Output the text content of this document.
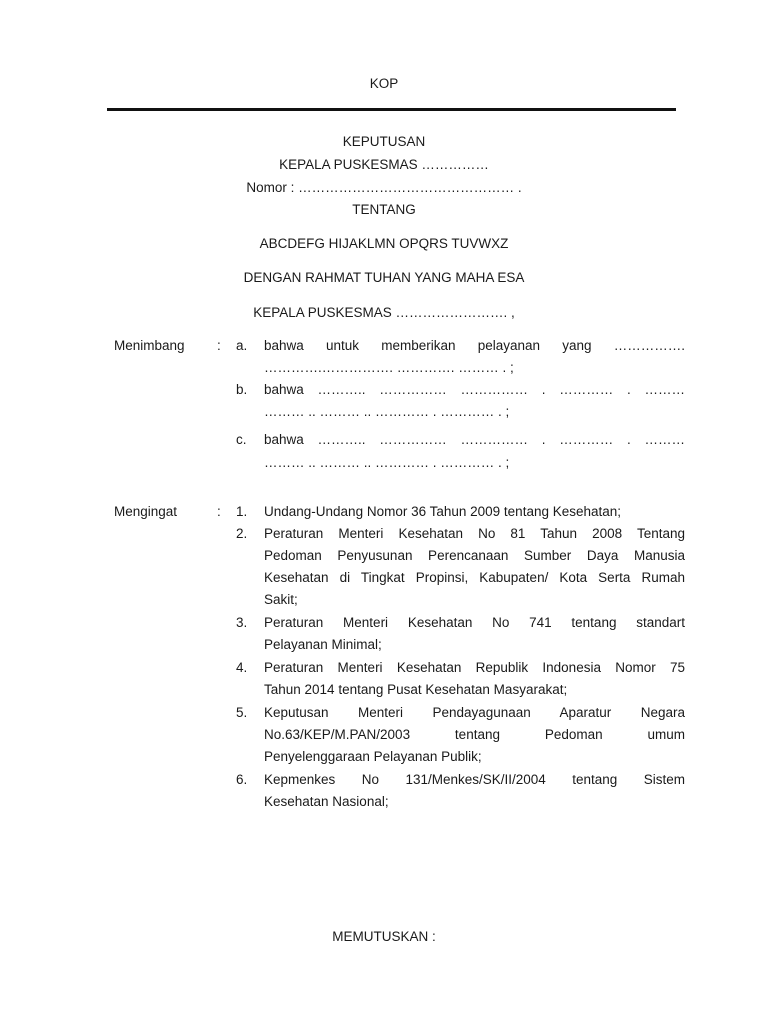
KOP
KEPUTUSAN
KEPALA PUSKESMAS ……………
Nomor : ………………………………………… .
TENTANG
ABCDEFG HIJAKLMN OPQRS TUVWXZ
DENGAN RAHMAT TUHAN YANG MAHA ESA
KEPALA PUSKESMAS ……………………. ,
Menimbang : a. bahwa untuk memberikan pelayanan yang …………….
………….……………. …………. ……… . ;
b. bahwa ……….. …………… …………… . ………… . ………
……… .. ……… .. ………… . ………… . ;
c. bahwa ……….. …………… …………… . ………… . ………
……… .. ……… .. ………… . ………… . ;
Mengingat	: 1. Undang-Undang Nomor 36 Tahun 2009 tentang Kesehatan;
2. Peraturan Menteri Kesehatan No 81 Tahun 2008 Tentang
Pedoman Penyusunan Perencanaan Sumber Daya Manusia
Kesehatan di Tingkat Propinsi, Kabupaten/ Kota Serta Rumah
Sakit;
3. Peraturan Menteri Kesehatan No 741 tentang standart
Pelayanan Minimal;
4. Peraturan Menteri Kesehatan Republik Indonesia Nomor 75
Tahun 2014 tentang Pusat Kesehatan Masyarakat;
5. Keputusan Menteri Pendayagunaan Aparatur Negara
No.63/KEP/M.PAN/2003 tentang Pedoman umum
Penyelenggaraan Pelayanan Publik;
6. Kepmenkes No 131/Menkes/SK/II/2004 tentang Sistem
Kesehatan Nasional;
MEMUTUSKAN :
